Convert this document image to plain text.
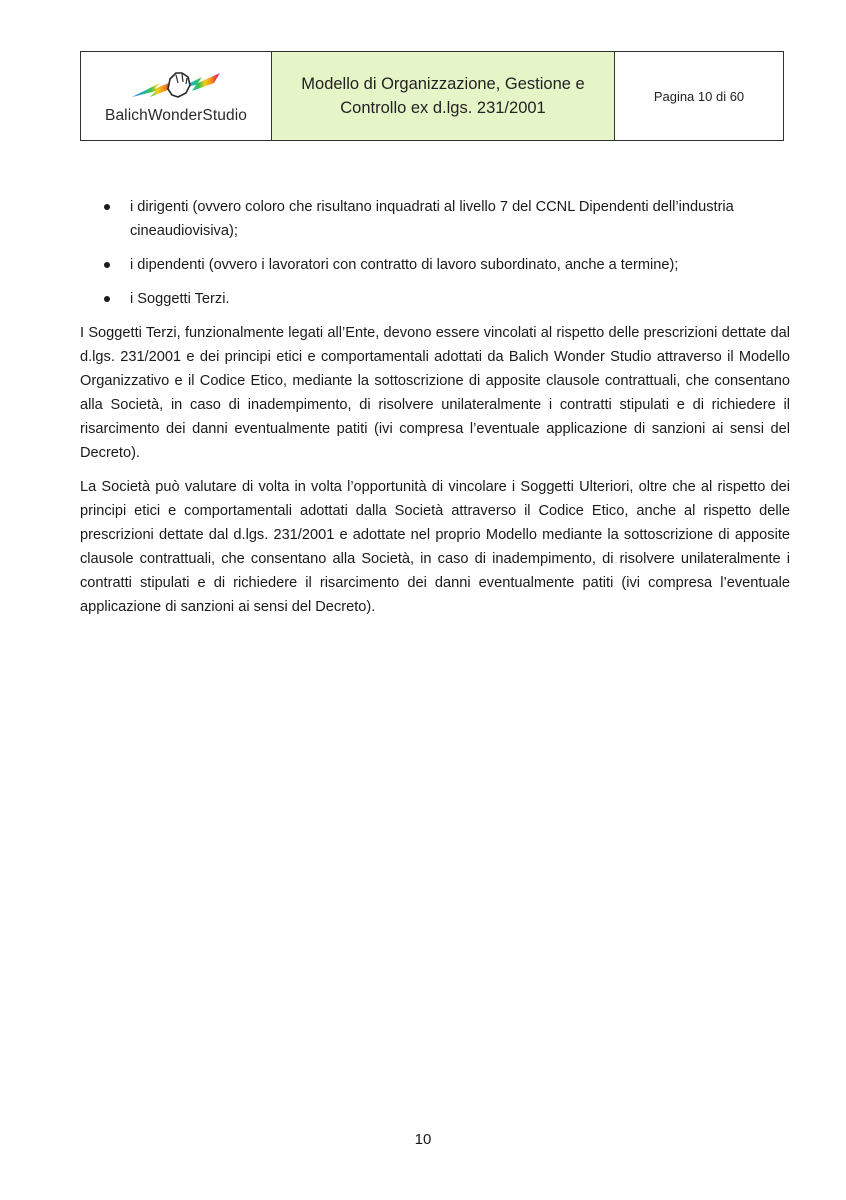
BalichWonderStudio
Modello di Organizzazione, Gestione e
Controllo ex d.lgs. 231/2001
Pagina 10 di 60
i dirigenti (ovvero coloro che risultano inquadrati al livello 7 del CCNL Dipendenti dell’industria cineaudiovisiva);
i dipendenti (ovvero i lavoratori con contratto di lavoro subordinato, anche a termine);
i Soggetti Terzi.

I Soggetti Terzi, funzionalmente legati all’Ente, devono essere vincolati al rispetto delle prescrizioni dettate dal d.lgs. 231/2001 e dei principi etici e comportamentali adottati da Balich Wonder Studio attraverso il Modello Organizzativo e il Codice Etico, mediante la sottoscrizione di apposite clausole contrattuali, che consentano alla Società, in caso di inadempimento, di risolvere unilateralmente i contratti stipulati e di richiedere il risarcimento dei danni eventualmente patiti (ivi compresa l’eventuale applicazione di sanzioni ai sensi del Decreto).

La Società può valutare di volta in volta l’opportunità di vincolare i Soggetti Ulteriori, oltre che al rispetto dei principi etici e comportamentali adottati dalla Società attraverso il Codice Etico, anche al rispetto delle prescrizioni dettate dal d.lgs. 231/2001 e adottate nel proprio Modello mediante la sottoscrizione di apposite clausole contrattuali, che consentano alla Società, in caso di inadempimento, di risolvere unilateralmente i contratti stipulati e di richiedere il risarcimento dei danni eventualmente patiti (ivi compresa l’eventuale applicazione di sanzioni ai sensi del Decreto).

10
